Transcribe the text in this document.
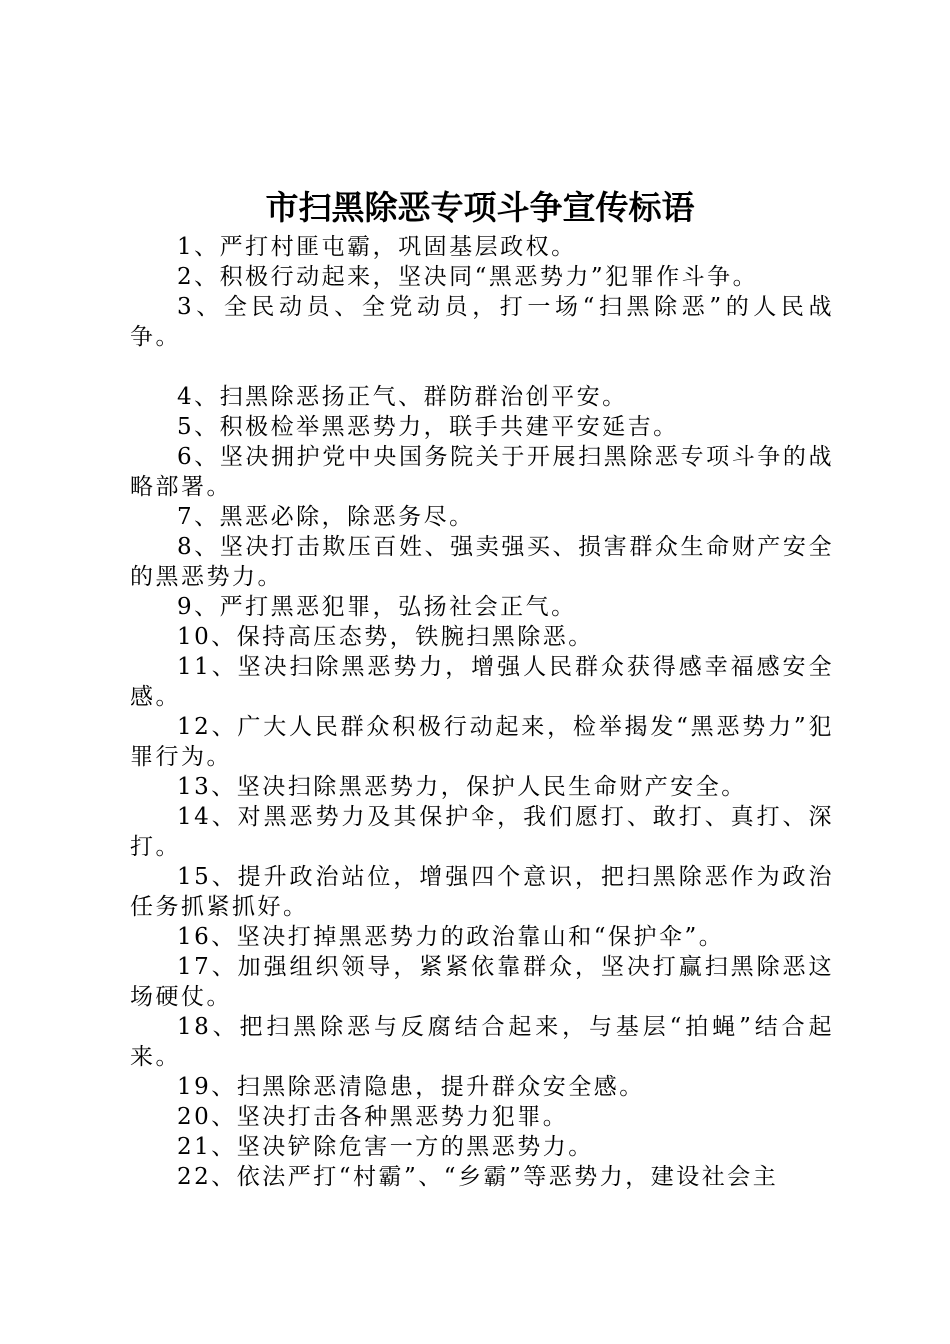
市扫黑除恶专项斗争宣传标语

1、严打村匪屯霸，巩固基层政权。

2、积极行动起来，坚决同“黑恶势力”犯罪作斗争。

3、全民动员、全党动员，打一场“扫黑除恶”的人民战争。

4、扫黑除恶扬正气、群防群治创平安。

5、积极检举黑恶势力，联手共建平安延吉。

6、坚决拥护党中央国务院关于开展扫黑除恶专项斗争的战略部署。

7、黑恶必除，除恶务尽。

8、坚决打击欺压百姓、强卖强买、损害群众生命财产安全的黑恶势力。

9、严打黑恶犯罪，弘扬社会正气。

10、保持高压态势，铁腕扫黑除恶。

11、坚决扫除黑恶势力，增强人民群众获得感幸福感安全感。

12、广大人民群众积极行动起来，检举揭发“黑恶势力”犯罪行为。

13、坚决扫除黑恶势力，保护人民生命财产安全。

14、对黑恶势力及其保护伞，我们愿打、敢打、真打、深打。

15、提升政治站位，增强四个意识，把扫黑除恶作为政治任务抓紧抓好。

16、坚决打掉黑恶势力的政治靠山和“保护伞”。

17、加强组织领导，紧紧依靠群众，坚决打赢扫黑除恶这场硬仗。

18、把扫黑除恶与反腐结合起来，与基层“拍蝇”结合起来。

19、扫黑除恶清隐患，提升群众安全感。

20、坚决打击各种黑恶势力犯罪。

21、坚决铲除危害一方的黑恶势力。

22、依法严打“村霸”、“乡霸”等恶势力，建设社会主
